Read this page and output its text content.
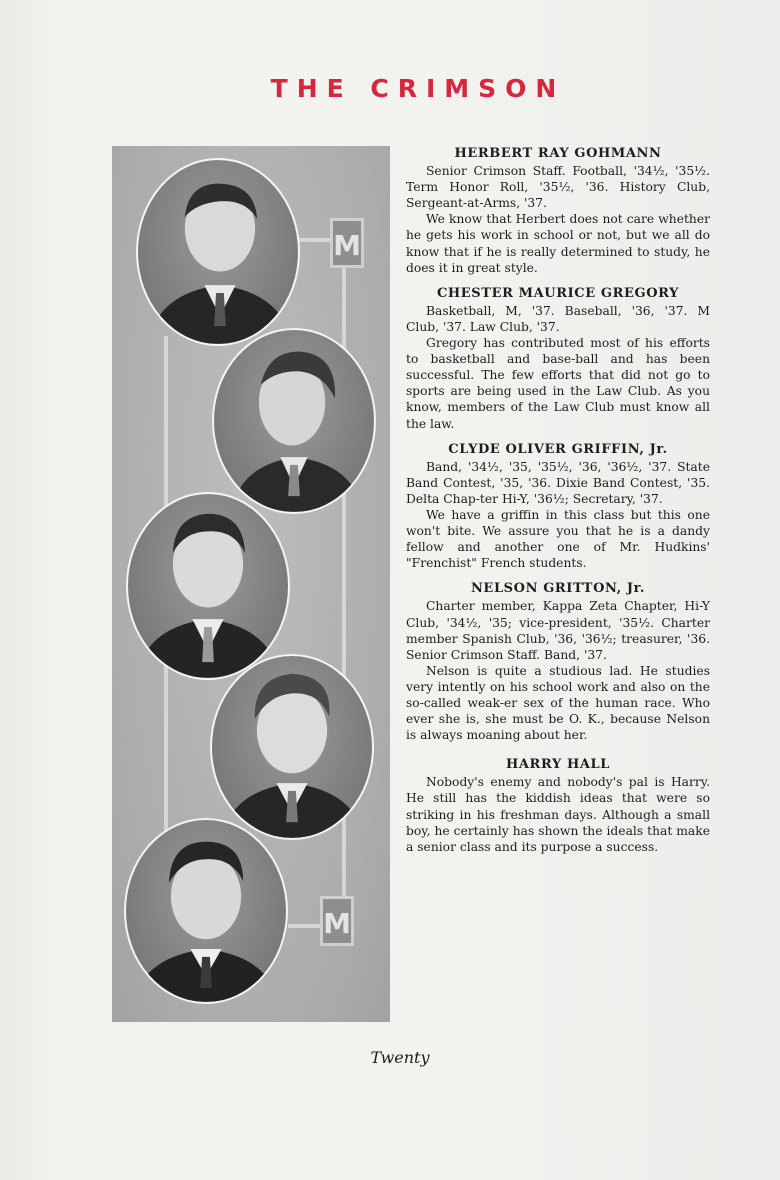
THE CRIMSON
M
M
HERBERT RAY GOHMANN

Senior Crimson Staff. Football, '34½, '35½. Term Honor Roll, '35½, '36. History Club, Sergeant-at-Arms, '37.

We know that Herbert does not care whether he gets his work in school or not, but we all do know that if he is really determined to study, he does it in great style.

CHESTER MAURICE GREGORY

Basketball, M, '37. Baseball, '36, '37. M Club, '37. Law Club, '37.

Gregory has contributed most of his efforts to basketball and base-ball and has been successful. The few efforts that did not go to sports are being used in the Law Club. As you know, members of the Law Club must know all the law.

CLYDE OLIVER GRIFFIN, Jr.

Band, '34½, '35, '35½, '36, '36½, '37. State Band Contest, '35, '36. Dixie Band Contest, '35. Delta Chap-ter Hi-Y, '36½; Secretary, '37.

We have a griffin in this class but this one won't bite. We assure you that he is a dandy fellow and another one of Mr. Hudkins' "Frenchist" French students.

NELSON GRITTON, Jr.

Charter member, Kappa Zeta Chapter, Hi-Y Club, '34½, '35; vice-president, '35½. Charter member Spanish Club, '36, '36½; treasurer, '36. Senior Crimson Staff. Band, '37.

Nelson is quite a studious lad. He studies very intently on his school work and also on the so-called weak-er sex of the human race. Who ever she is, she must be O. K., because Nelson is always moaning about her.

HARRY HALL

Nobody's enemy and nobody's pal is Harry. He still has the kiddish ideas that were so striking in his freshman days. Although a small boy, he certainly has shown the ideals that make a senior class and its purpose a success.

Twenty
